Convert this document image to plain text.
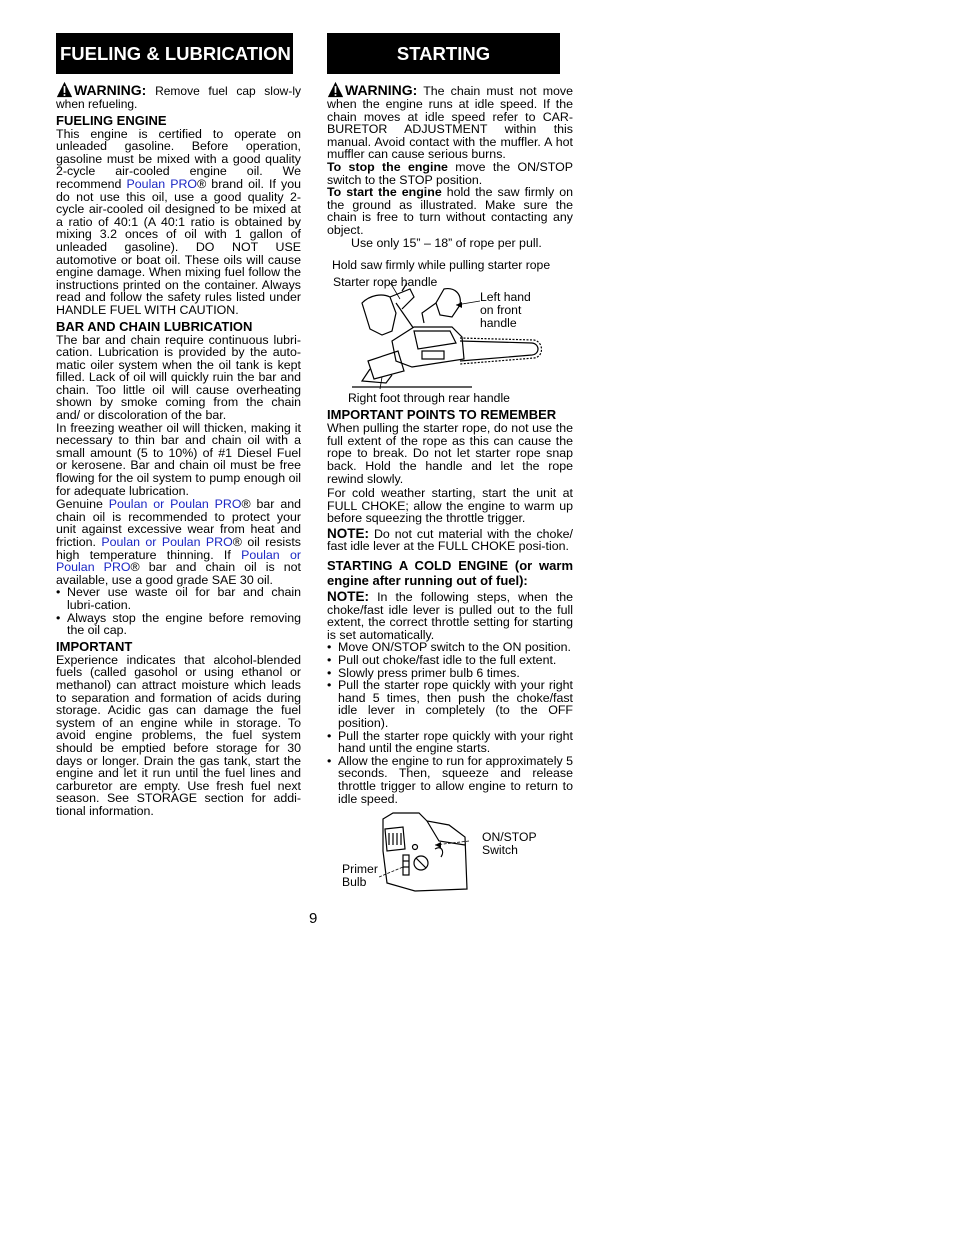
FUELING & LUBRICATION

WARNING: Remove fuel cap slow-ly when refueling.

FUELING ENGINE

This engine is certified to operate on unleaded gasoline. Before operation, gasoline must be mixed with a good quality 2-cycle air-cooled engine oil. We recommend Poulan PRO® brand oil. If you do not use this oil, use a good quality 2-cycle air-cooled oil designed to be mixed at a ratio of 40:1 (A 40:1 ratio is obtained by mixing 3.2 onces of oil with 1 gallon of unleaded gasoline). DO NOT USE automotive or boat oil. These oils will cause engine damage. When mixing fuel follow the instructions printed on the container. Always read and follow the safety rules listed under HANDLE FUEL WITH CAUTION.

BAR AND CHAIN LUBRICATION

The bar and chain require continuous lubri-cation. Lubrication is provided by the auto-matic oiler system when the oil tank is kept filled. Lack of oil will quickly ruin the bar and chain. Too little oil will cause overheating shown by smoke coming from the chain and/ or discoloration of the bar.

In freezing weather oil will thicken, making it necessary to thin bar and chain oil with a small amount (5 to 10%) of #1 Diesel Fuel or kerosene. Bar and chain oil must be free flowing for the oil system to pump enough oil for adequate lubrication.

Genuine Poulan or Poulan PRO® bar and chain oil is recommended to protect your unit against excessive wear from heat and friction. Poulan or Poulan PRO® oil resists high temperature thinning. If Poulan or Poulan PRO® bar and chain oil is not available, use a good grade SAE 30 oil.

• Never use waste oil for bar and chain lubri-cation.
• Always stop the engine before removing the oil cap.
IMPORTANT

Experience indicates that alcohol-blended fuels (called gasohol or using ethanol or methanol) can attract moisture which leads to separation and formation of acids during storage. Acidic gas can damage the fuel system of an engine while in storage. To avoid engine problems, the fuel system should be emptied before storage for 30 days or longer. Drain the gas tank, start the engine and let it run until the fuel lines and carburetor are empty. Use fresh fuel next season. See STORAGE section for addi-tional information.

STARTING

WARNING: The chain must not move when the engine runs at idle speed. If the chain moves at idle speed refer to CAR-BURETOR ADJUSTMENT within this manual. Avoid contact with the muffler. A hot muffler can cause serious burns.

To stop the engine move the ON/STOP switch to the STOP position.

To start the engine hold the saw firmly on the ground as illustrated. Make sure the chain is free to turn without contacting any object.

Use only 15” – 18” of rope per pull.
Hold saw firmly while pulling starter rope
Starter rope handle
Left hand on front handle
Right foot through rear handle
IMPORTANT POINTS TO REMEMBER

When pulling the starter rope, do not use the full extent of the rope as this can cause the rope to break. Do not let starter rope snap back. Hold the handle and let the rope rewind slowly.

For cold weather starting, start the unit at FULL CHOKE; allow the engine to warm up before squeezing the throttle trigger.

NOTE: Do not cut material with the choke/ fast idle lever at the FULL CHOKE posi-tion.

STARTING A COLD ENGINE (or warm engine after running out of fuel):

NOTE: In the following steps, when the choke/fast idle lever is pulled out to the full extent, the correct throttle setting for starting is set automatically.

• Move ON/STOP switch to the ON position.
• Pull out choke/fast idle to the full extent.
• Slowly press primer bulb 6 times.
• Pull the starter rope quickly with your right hand 5 times, then push the choke/fast idle lever in completely (to the OFF position).
• Pull the starter rope quickly with your right hand until the engine starts.
• Allow the engine to run for approximately 5 seconds. Then, squeeze and release throttle trigger to allow engine to return to idle speed.
ON/STOP Switch
Primer Bulb
9
